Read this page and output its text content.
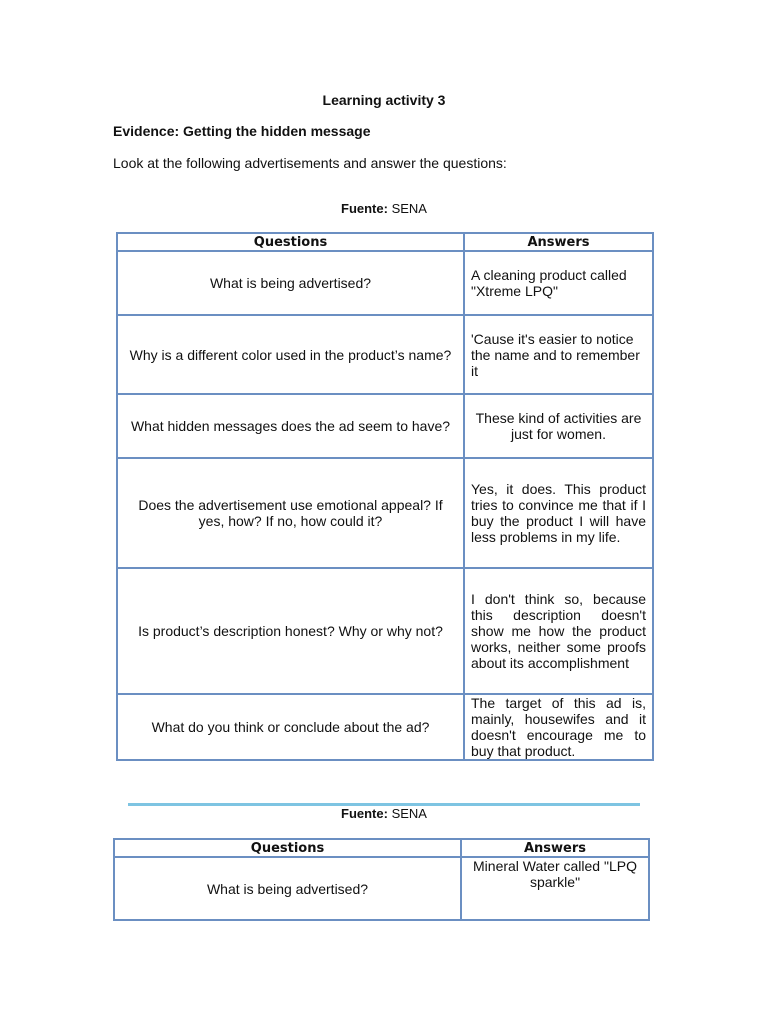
Learning activity 3
Evidence: Getting the hidden message
Look at the following advertisements and answer the questions:
Fuente: SENA
Questions	Answers
What is being advertised?	A cleaning product called "Xtreme LPQ"
Why is a different color used in the product’s name?	'Cause it's easier to notice the name and to remember it
What hidden messages does the ad seem to have?	These kind of activities are just for women.
Does the advertisement use emotional appeal? If yes, how? If no, how could it?	Yes, it does. This product tries to convince me that if I buy the product I will have less problems in my life.
Is product’s description honest? Why or why not?	I don't think so, because this description doesn't show me how the product works, neither some proofs about its accomplishment
What do you think or conclude about the ad?	The target of this ad is, mainly, housewifes and it doesn't encourage me to buy that product.
Fuente: SENA
Questions	Answers
What is being advertised?	Mineral Water called "LPQ sparkle"
